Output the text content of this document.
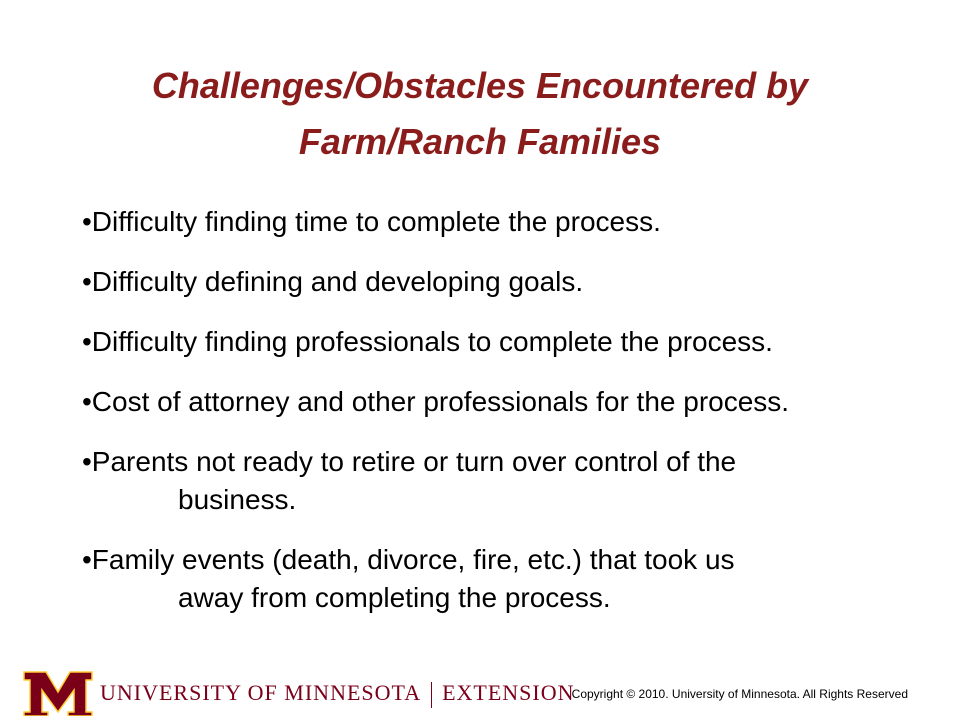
Challenges/Obstacles Encountered by
Farm/Ranch Families
•Difficulty finding time to complete the process.
•Difficulty defining and developing goals.
•Difficulty finding professionals to complete the process.
•Cost of attorney and other professionals for the process.
•Parents not ready to retire or turn over control of the
business.
•Family events (death, divorce, fire, etc.) that took us
away from completing the process.
UNIVERSITY OF MINNESOTA EXTENSION
Copyright © 2010. University of Minnesota. All Rights Reserved
